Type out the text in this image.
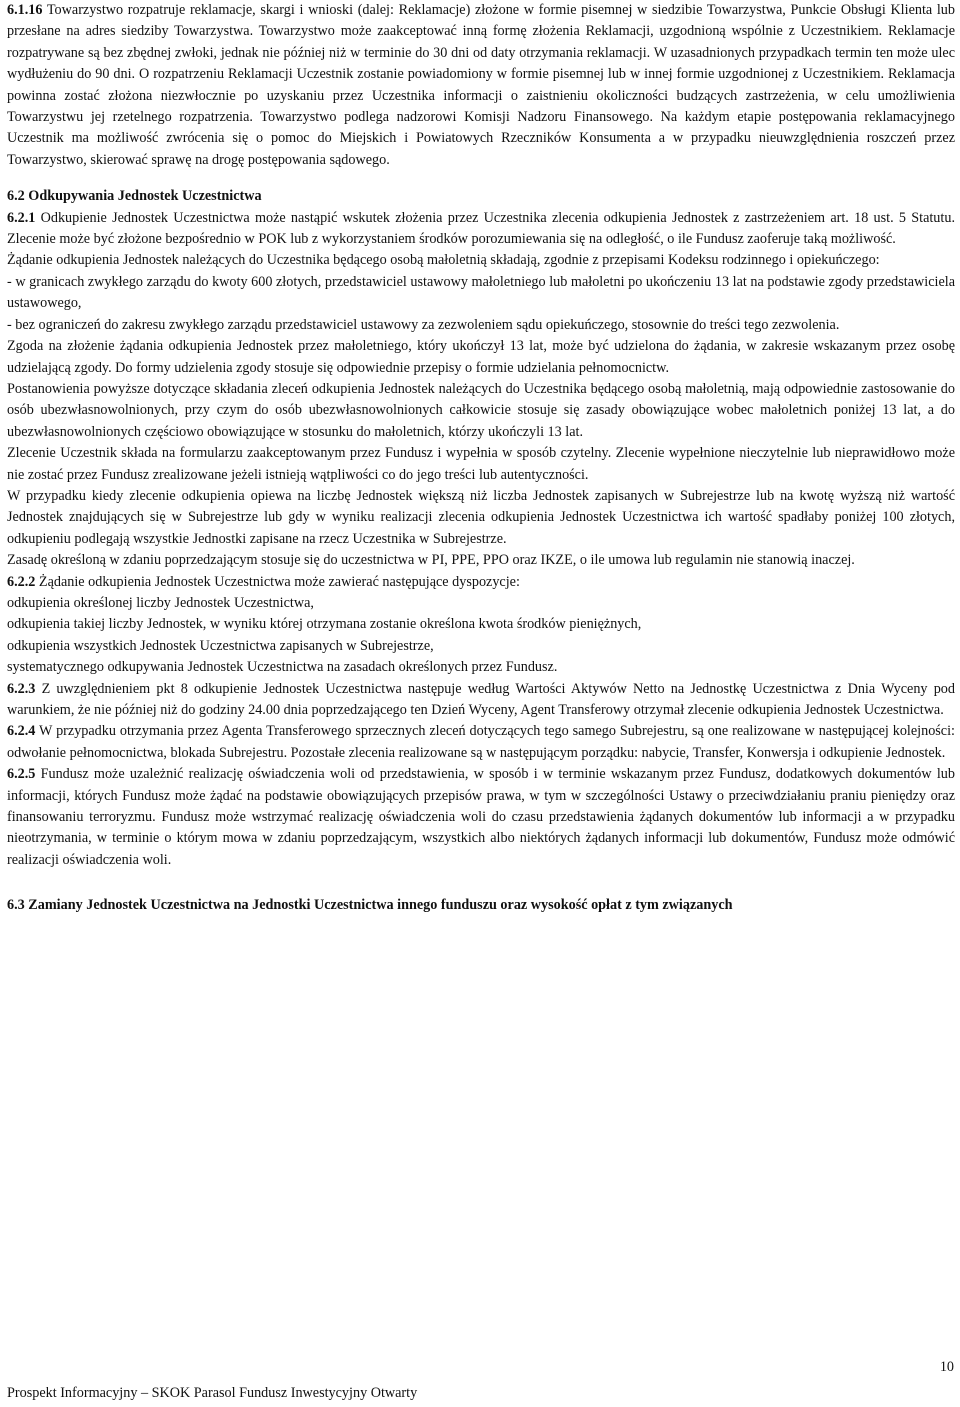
6.1.16 Towarzystwo rozpatruje reklamacje, skargi i wnioski (dalej: Reklamacje) złożone w formie pisemnej w siedzibie Towarzystwa, Punkcie Obsługi Klienta lub przesłane na adres siedziby Towarzystwa. Towarzystwo może zaakceptować inną formę złożenia Reklamacji, uzgodnioną wspólnie z Uczestnikiem. Reklamacje rozpatrywane są bez zbędnej zwłoki, jednak nie później niż w terminie do 30 dni od daty otrzymania reklamacji. W uzasadnionych przypadkach termin ten może ulec wydłużeniu do 90 dni. O rozpatrzeniu Reklamacji Uczestnik zostanie powiadomiony w formie pisemnej lub w innej formie uzgodnionej z Uczestnikiem. Reklamacja powinna zostać złożona niezwłocznie po uzyskaniu przez Uczestnika informacji o zaistnieniu okoliczności budzących zastrzeżenia, w celu umożliwienia Towarzystwu jej rzetelnego rozpatrzenia. Towarzystwo podlega nadzorowi Komisji Nadzoru Finansowego. Na każdym etapie postępowania reklamacyjnego Uczestnik ma możliwość zwrócenia się o pomoc do Miejskich i Powiatowych Rzeczników Konsumenta a w przypadku nieuwzględnienia roszczeń przez Towarzystwo, skierować sprawę na drogę postępowania sądowego.

6.2 Odkupywania Jednostek Uczestnictwa

6.2.1 Odkupienie Jednostek Uczestnictwa może nastąpić wskutek złożenia przez Uczestnika zlecenia odkupienia Jednostek z zastrzeżeniem art. 18 ust. 5 Statutu. Zlecenie może być złożone bezpośrednio w POK lub z wykorzystaniem środków porozumiewania się na odległość, o ile Fundusz zaoferuje taką możliwość.

Żądanie odkupienia Jednostek należących do Uczestnika będącego osobą małoletnią składają, zgodnie z przepisami Kodeksu rodzinnego i opiekuńczego:

- w granicach zwykłego zarządu do kwoty 600 złotych, przedstawiciel ustawowy małoletniego lub małoletni po ukończeniu 13 lat na podstawie zgody przedstawiciela ustawowego,

- bez ograniczeń do zakresu zwykłego zarządu przedstawiciel ustawowy za zezwoleniem sądu opiekuńczego, stosownie do treści tego zezwolenia.

Zgoda na złożenie żądania odkupienia Jednostek przez małoletniego, który ukończył 13 lat, może być udzielona do żądania, w zakresie wskazanym przez osobę udzielającą zgody. Do formy udzielenia zgody stosuje się odpowiednie przepisy o formie udzielania pełnomocnictw.

Postanowienia powyższe dotyczące składania zleceń odkupienia Jednostek należących do Uczestnika będącego osobą małoletnią, mają odpowiednie zastosowanie do osób ubezwłasnowolnionych, przy czym do osób ubezwłasnowolnionych całkowicie stosuje się zasady obowiązujące wobec małoletnich poniżej 13 lat, a do ubezwłasnowolnionych częściowo obowiązujące w stosunku do małoletnich, którzy ukończyli 13 lat.

Zlecenie Uczestnik składa na formularzu zaakceptowanym przez Fundusz i wypełnia w sposób czytelny. Zlecenie wypełnione nieczytelnie lub nieprawidłowo może nie zostać przez Fundusz zrealizowane jeżeli istnieją wątpliwości co do jego treści lub autentyczności.

W przypadku kiedy zlecenie odkupienia opiewa na liczbę Jednostek większą niż liczba Jednostek zapisanych w Subrejestrze lub na kwotę wyższą niż wartość Jednostek znajdujących się w Subrejestrze lub gdy w wyniku realizacji zlecenia odkupienia Jednostek Uczestnictwa ich wartość spadłaby poniżej 100 złotych, odkupieniu podlegają wszystkie Jednostki zapisane na rzecz Uczestnika w Subrejestrze.

Zasadę określoną w zdaniu poprzedzającym stosuje się do uczestnictwa w PI, PPE, PPO oraz IKZE, o ile umowa lub regulamin nie stanowią inaczej.

6.2.2 Żądanie odkupienia Jednostek Uczestnictwa może zawierać następujące dyspozycje:

odkupienia określonej liczby Jednostek Uczestnictwa,

odkupienia takiej liczby Jednostek, w wyniku której otrzymana zostanie określona kwota środków pieniężnych,

odkupienia wszystkich Jednostek Uczestnictwa zapisanych w Subrejestrze,

systematycznego odkupywania Jednostek Uczestnictwa na zasadach określonych przez Fundusz.

6.2.3 Z uwzględnieniem pkt 8 odkupienie Jednostek Uczestnictwa następuje według Wartości Aktywów Netto na Jednostkę Uczestnictwa z Dnia Wyceny pod warunkiem, że nie później niż do godziny 24.00 dnia poprzedzającego ten Dzień Wyceny, Agent Transferowy otrzymał zlecenie odkupienia Jednostek Uczestnictwa.

6.2.4 W przypadku otrzymania przez Agenta Transferowego sprzecznych zleceń dotyczących tego samego Subrejestru, są one realizowane w następującej kolejności: odwołanie pełnomocnictwa, blokada Subrejestru. Pozostałe zlecenia realizowane są w następującym porządku: nabycie, Transfer, Konwersja i odkupienie Jednostek.

6.2.5 Fundusz może uzależnić realizację oświadczenia woli od przedstawienia, w sposób i w terminie wskazanym przez Fundusz, dodatkowych dokumentów lub informacji, których Fundusz może żądać na podstawie obowiązujących przepisów prawa, w tym w szczególności Ustawy o przeciwdziałaniu praniu pieniędzy oraz finansowaniu terroryzmu. Fundusz może wstrzymać realizację oświadczenia woli do czasu przedstawienia żądanych dokumentów lub informacji a w przypadku nieotrzymania, w terminie o którym mowa w zdaniu poprzedzającym, wszystkich albo niektórych żądanych informacji lub dokumentów, Fundusz może odmówić realizacji oświadczenia woli.

6.3 Zamiany Jednostek Uczestnictwa na Jednostki Uczestnictwa innego funduszu oraz wysokość opłat z tym związanych

10
Prospekt Informacyjny – SKOK Parasol Fundusz Inwestycyjny Otwarty
